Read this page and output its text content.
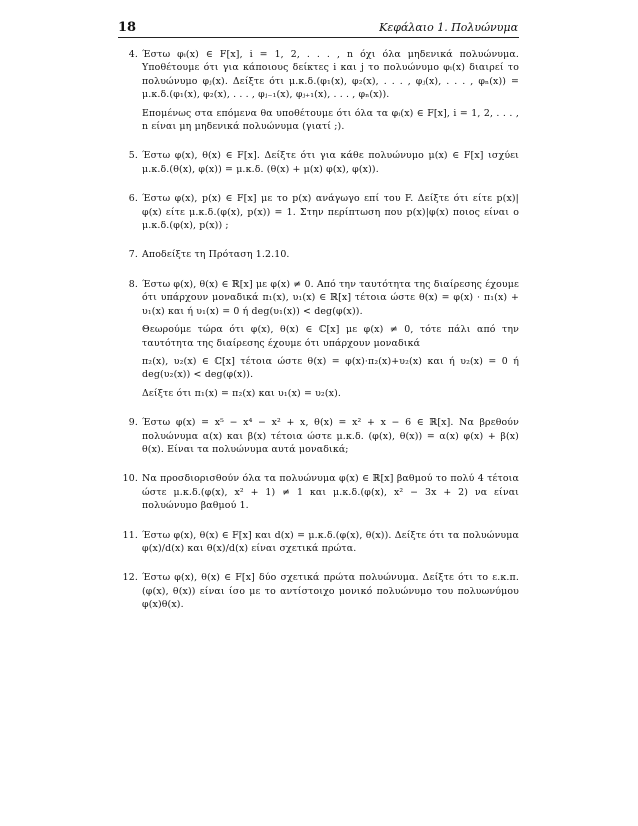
18	Κεφάλαιο 1. Πολυώνυμα
4. Έστω φᵢ(x) ∈ F[x], i = 1, 2, . . . , n όχι όλα μηδενικά πολυώνυμα. Υποθέτουμε ότι για κάποιους δείκτες i και j το πολυώνυμο φᵢ(x) διαιρεί το πολυώνυμο φⱼ(x). Δείξτε ότι μ.κ.δ.(φ₁(x), φ₂(x), . . . , φⱼ(x), . . . , φₙ(x)) = μ.κ.δ.(φ₁(x), φ₂(x), . . . , φⱼ₋₁(x), φⱼ₊₁(x), . . . , φₙ(x)).

Επομένως στα επόμενα θα υποθέτουμε ότι όλα τα φᵢ(x) ∈ F[x], i = 1, 2, . . . , n είναι μη μηδενικά πολυώνυμα (γιατί ;).

5. Έστω φ(x), θ(x) ∈ F[x]. Δείξτε ότι για κάθε πολυώνυμο μ(x) ∈ F[x] ισχύει μ.κ.δ.(θ(x), φ(x)) = μ.κ.δ. (θ(x) + μ(x) φ(x), φ(x)).

6. Έστω φ(x), p(x) ∈ F[x] με το p(x) ανάγωγο επί του F. Δείξτε ότι είτε p(x)|φ(x) είτε μ.κ.δ.(φ(x), p(x)) = 1. Στην περίπτωση που p(x)|φ(x) ποιος είναι ο μ.κ.δ.(φ(x), p(x)) ;

7. Αποδείξτε τη Πρόταση 1.2.10.

8. Έστω φ(x), θ(x) ∈ ℝ[x] με φ(x) ≠ 0. Από την ταυτότητα της διαίρεσης έχουμε ότι υπάρχουν μοναδικά π₁(x), υ₁(x) ∈ ℝ[x] τέτοια ώστε θ(x) = φ(x) · π₁(x) + υ₁(x) και ή υ₁(x) = 0 ή deg(υ₁(x)) < deg(φ(x)).

Θεωρούμε τώρα ότι φ(x), θ(x) ∈ ℂ[x] με φ(x) ≠ 0, τότε πάλι από την ταυτότητα της διαίρεσης έχουμε ότι υπάρχουν μοναδικά

π₂(x), υ₂(x) ∈ ℂ[x] τέτοια ώστε θ(x) = φ(x)·π₂(x)+υ₂(x) και ή υ₂(x) = 0 ή deg(υ₂(x)) < deg(φ(x)).

Δείξτε ότι π₁(x) = π₂(x) και υ₁(x) = υ₂(x).

9. Έστω φ(x) = x⁵ − x⁴ − x² + x, θ(x) = x² + x − 6 ∈ ℝ[x]. Να βρεθούν πολυώνυμα α(x) και β(x) τέτοια ώστε μ.κ.δ. (φ(x), θ(x)) = α(x) φ(x) + β(x) θ(x). Είναι τα πολυώνυμα αυτά μοναδικά;

10. Να προσδιορισθούν όλα τα πολυώνυμα φ(x) ∈ ℝ[x] βαθμού το πολύ 4 τέτοια ώστε μ.κ.δ.(φ(x), x² + 1) ≠ 1 και μ.κ.δ.(φ(x), x² − 3x + 2) να είναι πολυώνυμο βαθμού 1.

11. Έστω φ(x), θ(x) ∈ F[x] και d(x) = μ.κ.δ.(φ(x), θ(x)). Δείξτε ότι τα πολυώνυμα φ(x)/d(x) και θ(x)/d(x) είναι σχετικά πρώτα.

12. Έστω φ(x), θ(x) ∈ F[x] δύο σχετικά πρώτα πολυώνυμα. Δείξτε ότι το ε.κ.π.(φ(x), θ(x)) είναι ίσο με το αντίστοιχο μονικό πολυώνυμο του πολυωνύμου φ(x)θ(x).
